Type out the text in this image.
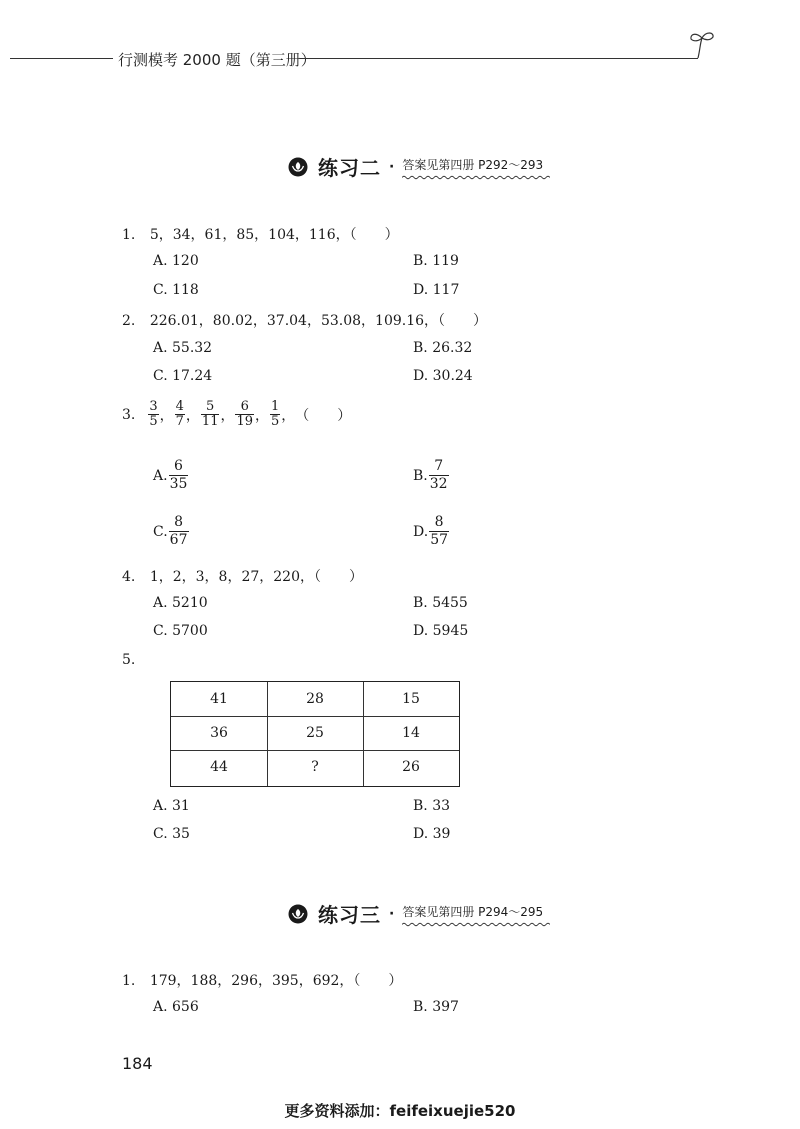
行测模考 2000 题（第三册）
练习二 · 答案见第四册 P292～293
1. 5，34，61，85，104，116，（　　）
A. 120	B. 119
C. 118	D. 117
2. 226.01，80.02，37.04，53.08，109.16，（　　）
A. 55.32	B. 26.32
C. 17.24	D. 30.24
3. $\frac{3}{5}$ ， $\frac{4}{7}$ ， $\frac{5}{11}$ ， $\frac{6}{19}$ ， $\frac{1}{5}$ ， （　　）
A. $\frac{6}{35}$	B. $\frac{7}{32}$
C. $\frac{8}{67}$	D. $\frac{8}{57}$
4. 1，2，3，8，27，220，（　　）
A. 5210	B. 5455
C. 5700	D. 5945
5.
41	28	15
36	25	14
44	?	26
A. 31	B. 33
C. 35	D. 39
练习三 · 答案见第四册 P294～295
1. 179，188，296，395，692，（　　）
A. 656	B. 397
184
更多资料添加：feifeixuejie520
